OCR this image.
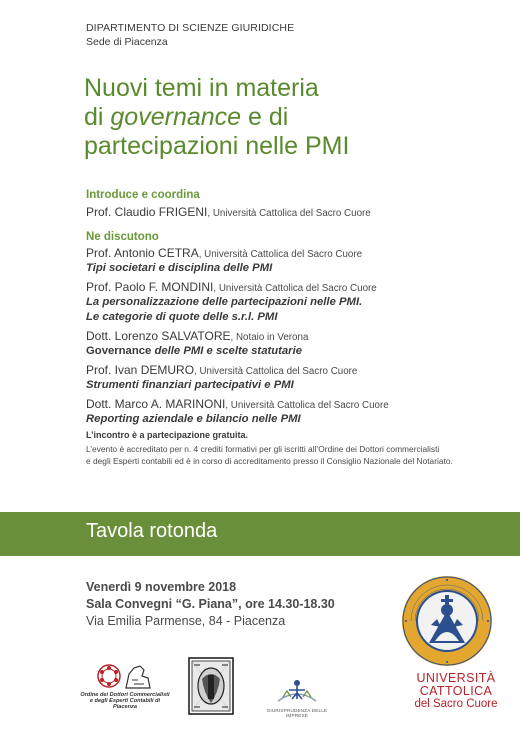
DIPARTIMENTO DI SCIENZE GIURIDICHE
Sede di Piacenza
Nuovi temi in materia
di governance e di
partecipazioni nelle PMI
Introduce e coordina
Prof. Claudio FRIGENI, Università Cattolica del Sacro Cuore
Ne discutono
Prof. Antonio CETRA, Università Cattolica del Sacro Cuore
Tipi societari e disciplina delle PMI
Prof. Paolo F. MONDINI, Università Cattolica del Sacro Cuore
La personalizzazione delle partecipazioni nelle PMI.
Le categorie di quote delle s.r.l. PMI
Dott. Lorenzo SALVATORE, Notaio in Verona
Governance delle PMI e scelte statutarie
Prof. Ivan DEMURO, Università Cattolica del Sacro Cuore
Strumenti finanziari partecipativi e PMI
Dott. Marco A. MARINONI, Università Cattolica del Sacro Cuore
Reporting aziendale e bilancio nelle PMI
L’incontro è a partecipazione gratuita.
L’evento è accreditato per n. 4 crediti formativi per gli iscritti all’Ordine dei Dottori commercialisti
e degli Esperti contabili ed è in corso di accreditamento presso il Consiglio Nazionale del Notariato.
Tavola rotonda
Venerdì 9 novembre 2018
Sala Convegni “G. Piana”, ore 14.30-18.30
Via Emilia Parmense, 84 - Piacenza
UNIVERSITÀ
CATTOLICA
del Sacro Cuore
Ordine dei Dottori Commercialisti e degli Esperti Contabili di Piacenza
GIURISPRUDENZA DELLE IMPRESE
